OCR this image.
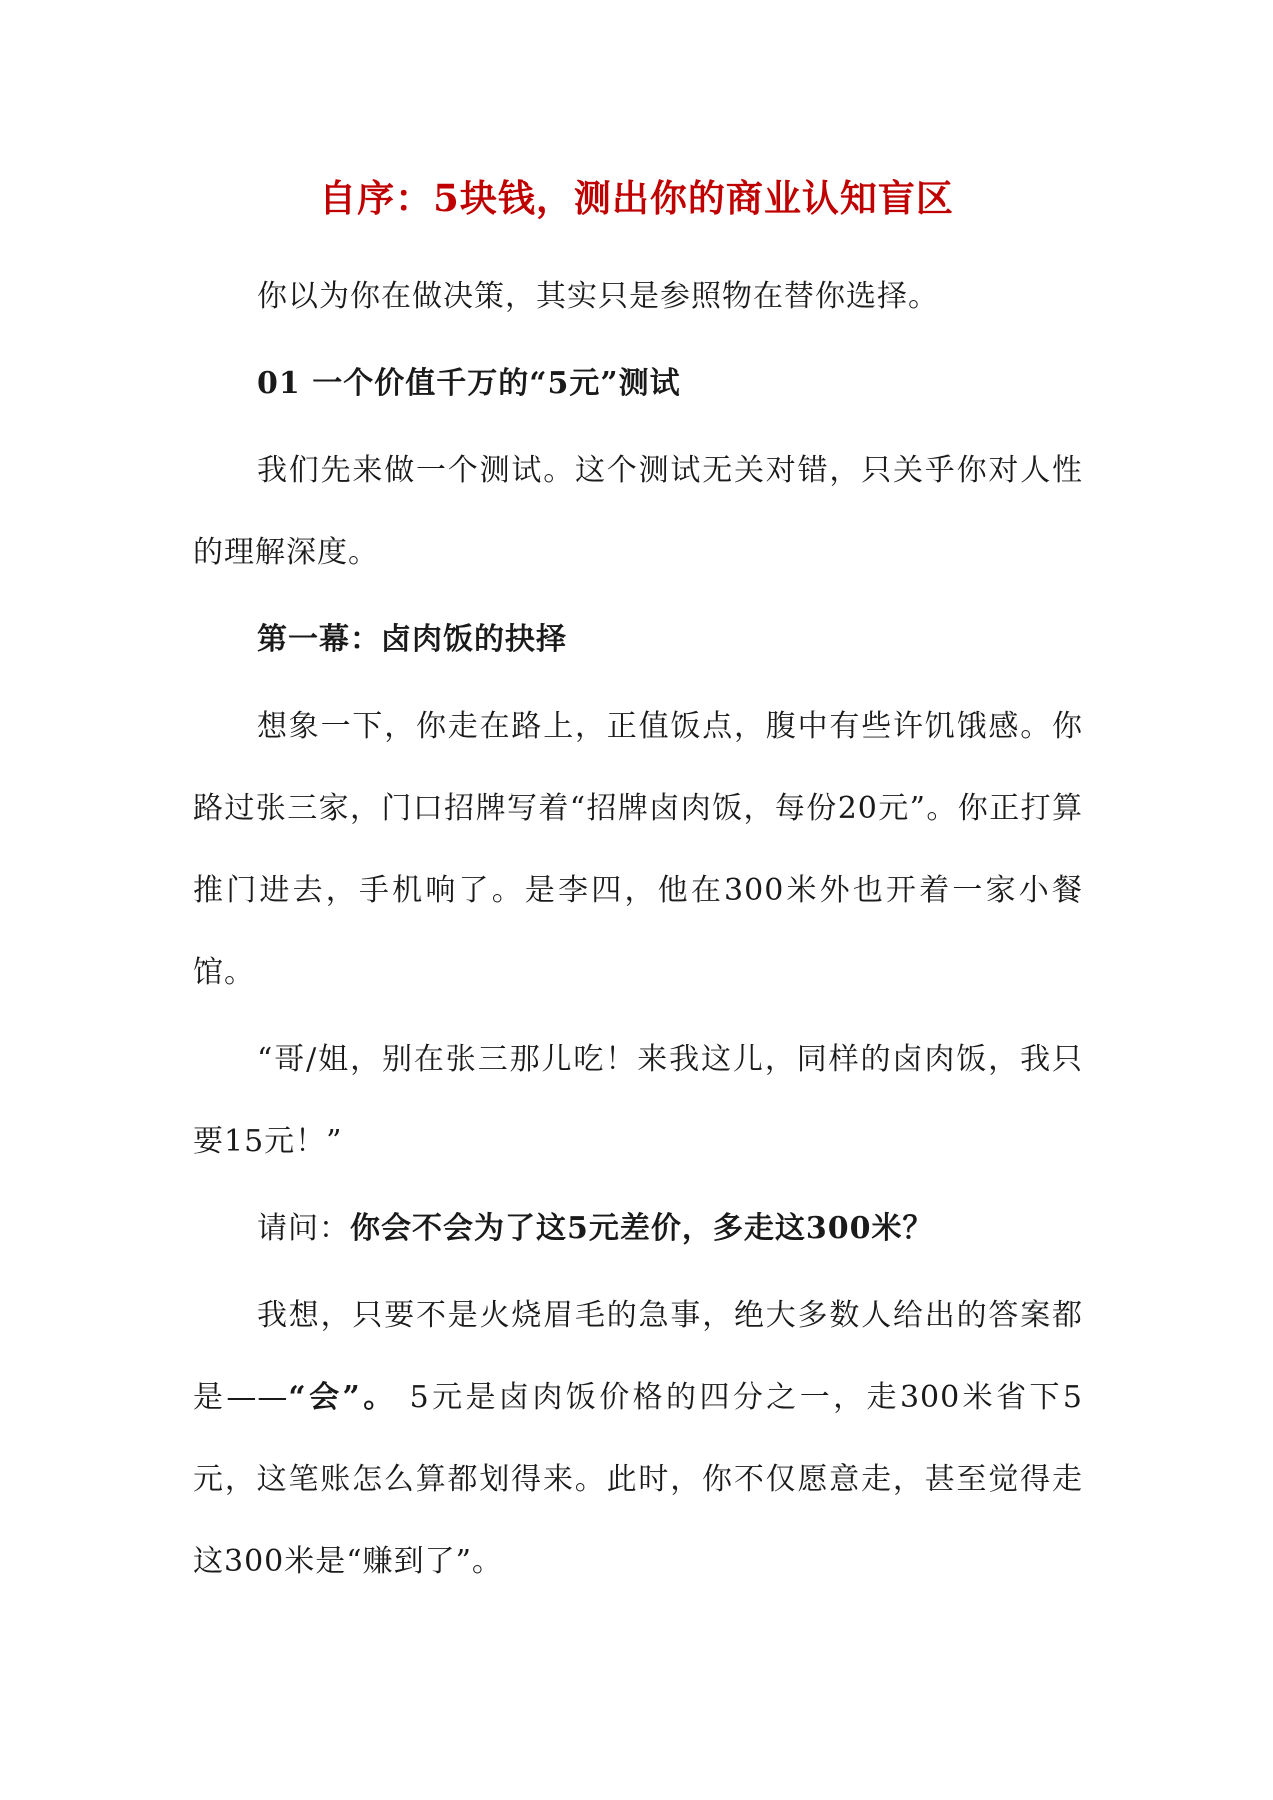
自序：5块钱，测出你的商业认知盲区

你以为你在做决策，其实只是参照物在替你选择。

01 一个价值千万的“5元”测试

我们先来做一个测试。这个测试无关对错，只关乎你对人性的理解深度。

第一幕：卤肉饭的抉择

想象一下，你走在路上，正值饭点，腹中有些许饥饿感。你路过张三家，门口招牌写着“招牌卤肉饭，每份20元”。你正打算推门进去，手机响了。是李四，他在300米外也开着一家小餐馆。

“哥/姐，别在张三那儿吃！来我这儿，同样的卤肉饭，我只要15元！”

请问：你会不会为了这5元差价，多走这300米？

我想，只要不是火烧眉毛的急事，绝大多数人给出的答案都是——“会”。 5元是卤肉饭价格的四分之一，走300米省下5元，这笔账怎么算都划得来。此时，你不仅愿意走，甚至觉得走这300米是“赚到了”。
